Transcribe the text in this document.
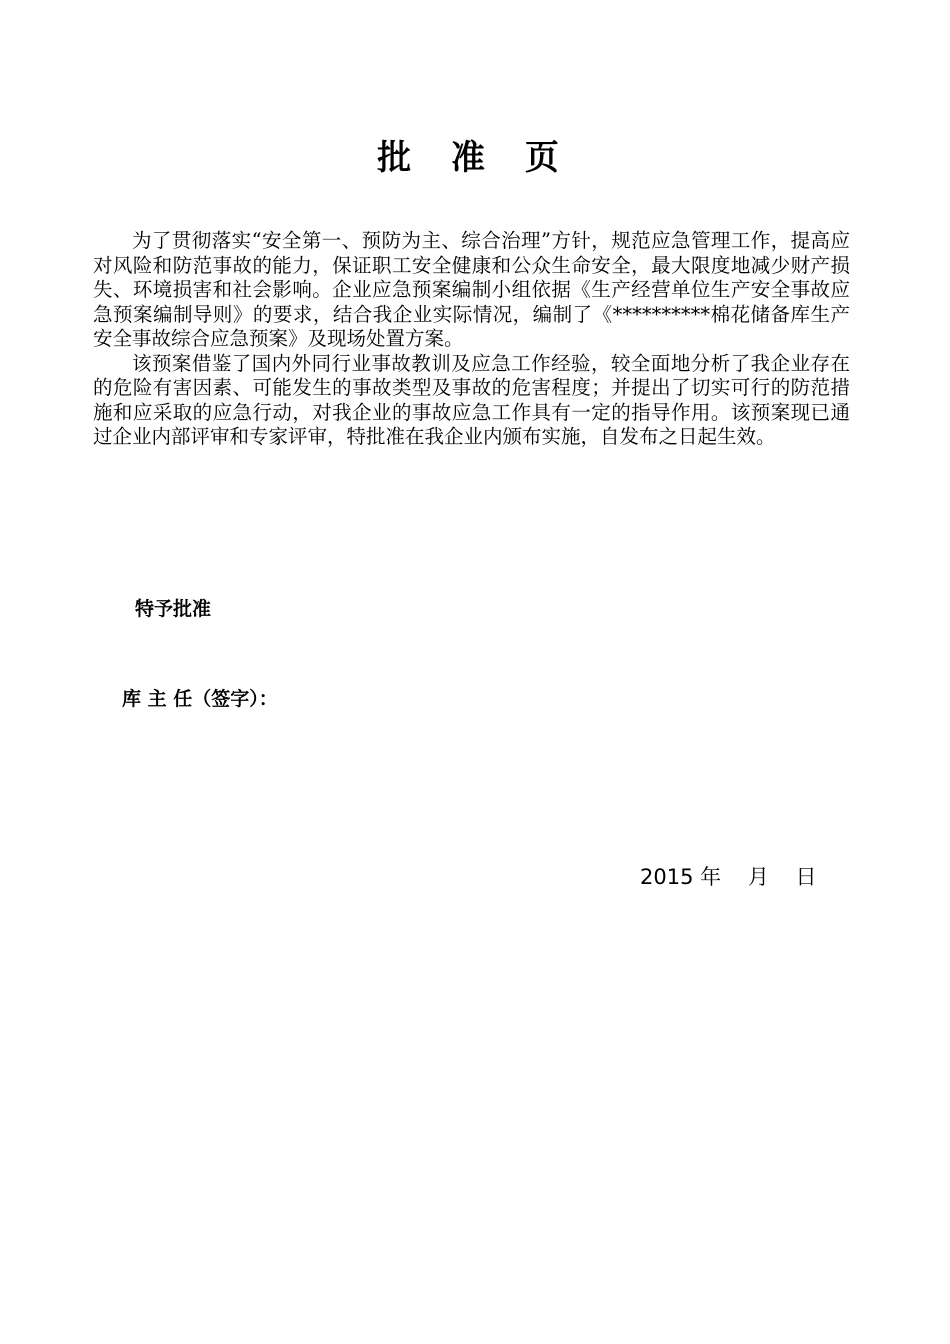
批 准 页

为了贯彻落实“安全第一、预防为主、综合治理”方针，规范应急管理工作，提高应对风险和防范事故的能力，保证职工安全健康和公众生命安全，最大限度地减少财产损失、环境损害和社会影响。企业应急预案编制小组依据《生产经营单位生产安全事故应急预案编制导则》的要求，结合我企业实际情况，编制了《**********棉花储备库生产安全事故综合应急预案》及现场处置方案。

该预案借鉴了国内外同行业事故教训及应急工作经验，较全面地分析了我企业存在的危险有害因素、可能发生的事故类型及事故的危害程度；并提出了切实可行的防范措施和应采取的应急行动，对我企业的事故应急工作具有一定的指导作用。该预案现已通过企业内部评审和专家评审，特批准在我企业内颁布实施，自发布之日起生效。

特予批准
库 主 任（签字）：
2015 年    月    日
